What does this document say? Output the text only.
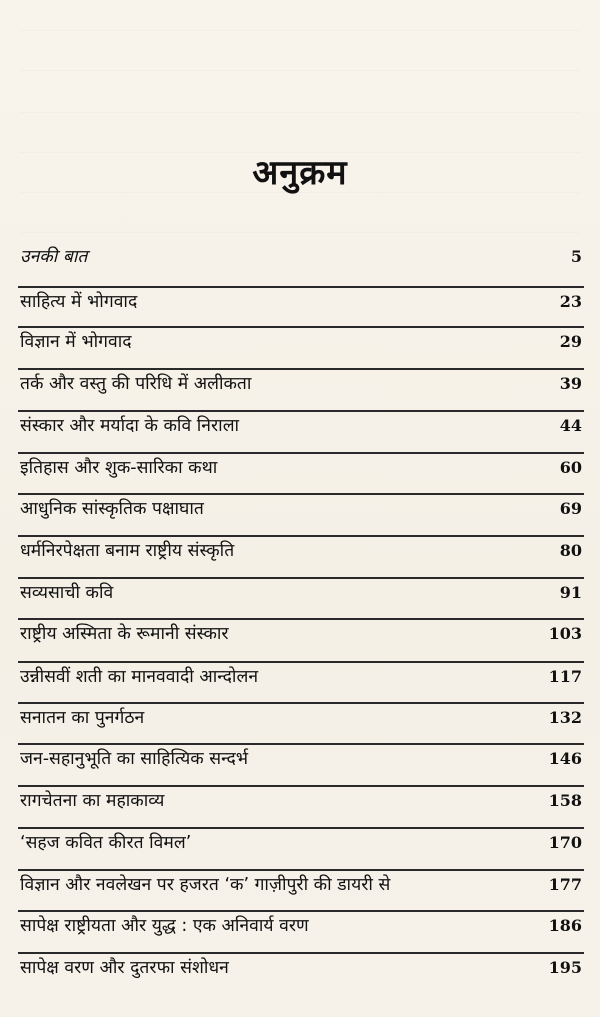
अनुक्रम
उनकी बात	5
साहित्य में भोगवाद	23
विज्ञान में भोगवाद	29
तर्क और वस्तु की परिधि में अलीकता	39
संस्कार और मर्यादा के कवि निराला	44
इतिहास और शुक-सारिका कथा	60
आधुनिक सांस्कृतिक पक्षाघात	69
धर्मनिरपेक्षता बनाम राष्ट्रीय संस्कृति	80
सव्यसाची कवि	91
राष्ट्रीय अस्मिता के रूमानी संस्कार	103
उन्नीसवीं शती का मानववादी आन्दोलन	117
सनातन का पुनर्गठन	132
जन-सहानुभूति का साहित्यिक सन्दर्भ	146
रागचेतना का महाकाव्य	158
‘सहज कवित कीरत विमल’	170
विज्ञान और नवलेखन पर हजरत ‘क’ गाज़ीपुरी की डायरी से	177
सापेक्ष राष्ट्रीयता और युद्ध : एक अनिवार्य वरण	186
सापेक्ष वरण और दुतरफा संशोधन	195
